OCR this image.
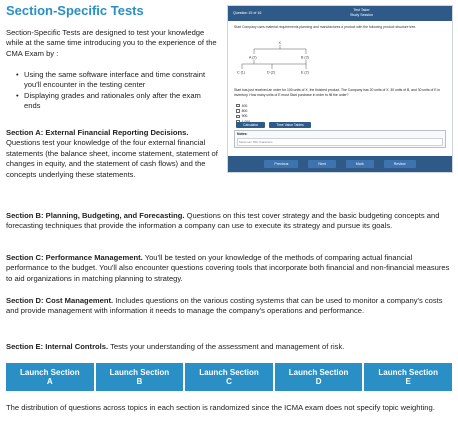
Section-Specific Tests

Section-Specific Tests are designed to test your knowledge while at the same time introducing you to the experience of the CMA Exam by :

• Using the same software interface and time constraint you'll encounter in the testing center
• Displaying grades and rationales only after the exam ends

Section A: External Financial Reporting Decisions. Questions test your knowledge of the four external financial statements (the balance sheet, income statement, statement of changes in equity, and the statement of cash flows) and the concepts underlying these statements.

Section B: Planning, Budgeting, and Forecasting. Questions on this test cover strategy and the basic budgeting concepts and forecasting techniques that provide the information a company can use to execute its strategy and pursue its goals.

Section C: Performance Management. You'll be tested on your knowledge of the methods of comparing actual financial performance to the budget. You'll also encounter questions covering tools that incorporate both financial and non-financial measures to aid organizations in matching planning to strategy.

Section D: Cost Management. Includes questions on the various costing systems that can be used to monitor a company's costs and provide management with information it needs to manage the company's operations and performance.

Section E: Internal Controls. Tests your understanding of the assessment and management of risk.

Question 15 of 16
Test Taker
Study Session
Start Company uses material requirements planning and manufactures a product with the following product structure tree.
X
A (2)	B (3)
C (1)	D (2)	E (2)
Start has just received an order for 100 units of X, the finished product. The Company has 20 units of X, 30 units of B, and 30 units of E in inventory. How many units of E must Start purchase in order to fill the order?
400.
800.
900.
Calculator	Time Value Tables
Notes:
Maximum 500 characters
Previous	Next	Mark	Review
Launch Section
A
Launch Section
B
Launch Section
C
Launch Section
D
Launch Section
E

The distribution of questions across topics in each section is randomized since the ICMA exam does not specify topic weighting.
